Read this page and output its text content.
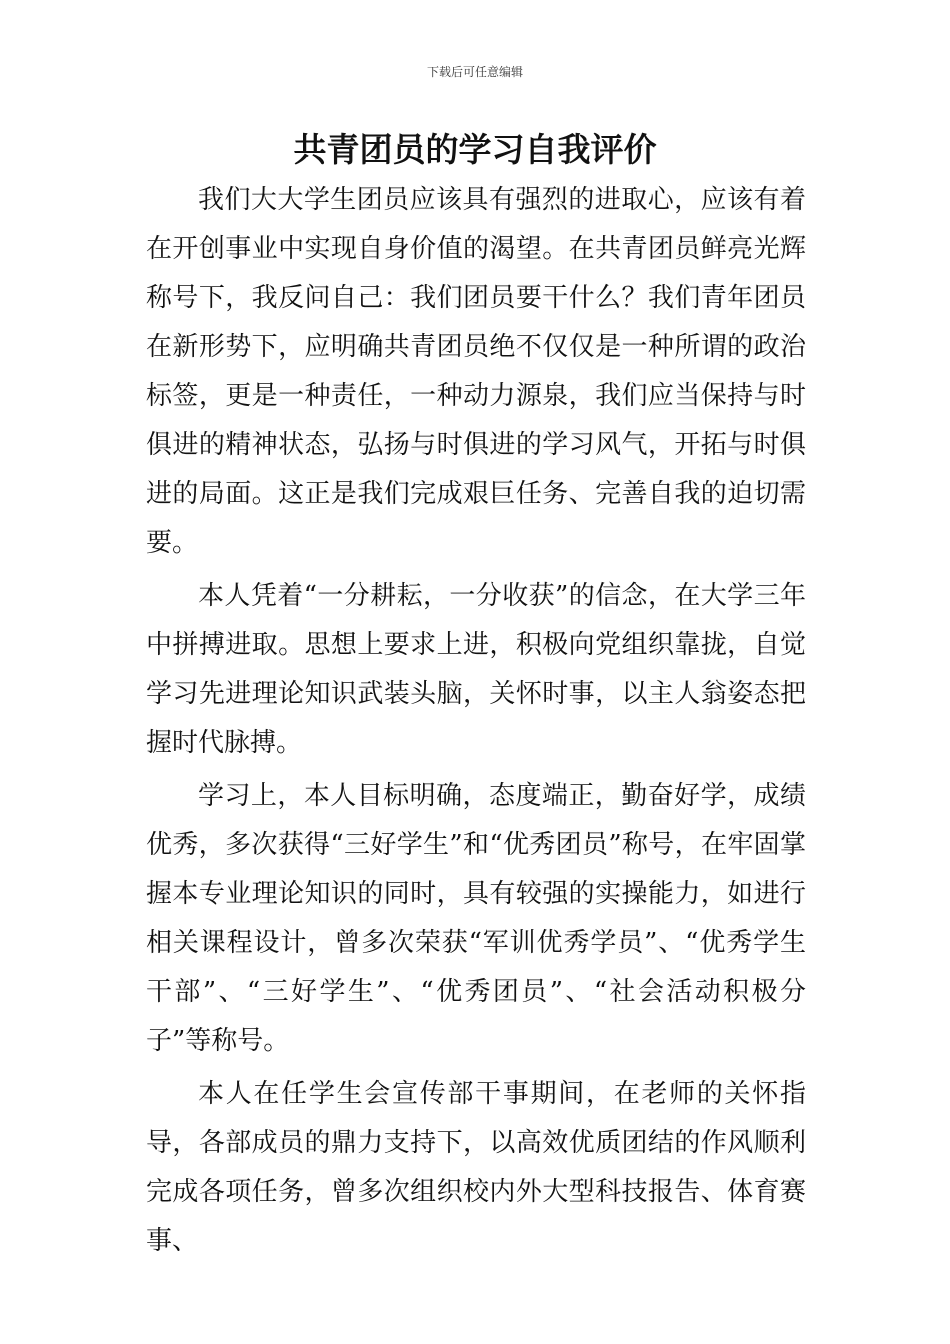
下载后可任意编辑
共青团员的学习自我评价

我们大大学生团员应该具有强烈的进取心，应该有着在开创事业中实现自身价值的渴望。在共青团员鲜亮光辉称号下，我反问自己：我们团员要干什么？我们青年团员在新形势下，应明确共青团员绝不仅仅是一种所谓的政治标签，更是一种责任，一种动力源泉，我们应当保持与时俱进的精神状态，弘扬与时俱进的学习风气，开拓与时俱进的局面。这正是我们完成艰巨任务、完善自我的迫切需要。

本人凭着“一分耕耘，一分收获”的信念，在大学三年中拼搏进取。思想上要求上进，积极向党组织靠拢，自觉学习先进理论知识武装头脑，关怀时事，以主人翁姿态把握时代脉搏。

学习上，本人目标明确，态度端正，勤奋好学，成绩优秀，多次获得“三好学生”和“优秀团员”称号，在牢固掌握本专业理论知识的同时，具有较强的实操能力，如进行相关课程设计，曾多次荣获“军训优秀学员”、“优秀学生干部”、“三好学生”、“优秀团员”、“社会活动积极分子”等称号。

本人在任学生会宣传部干事期间，在老师的关怀指导，各部成员的鼎力支持下，以高效优质团结的作风顺利完成各项任务，曾多次组织校内外大型科技报告、体育赛事、
